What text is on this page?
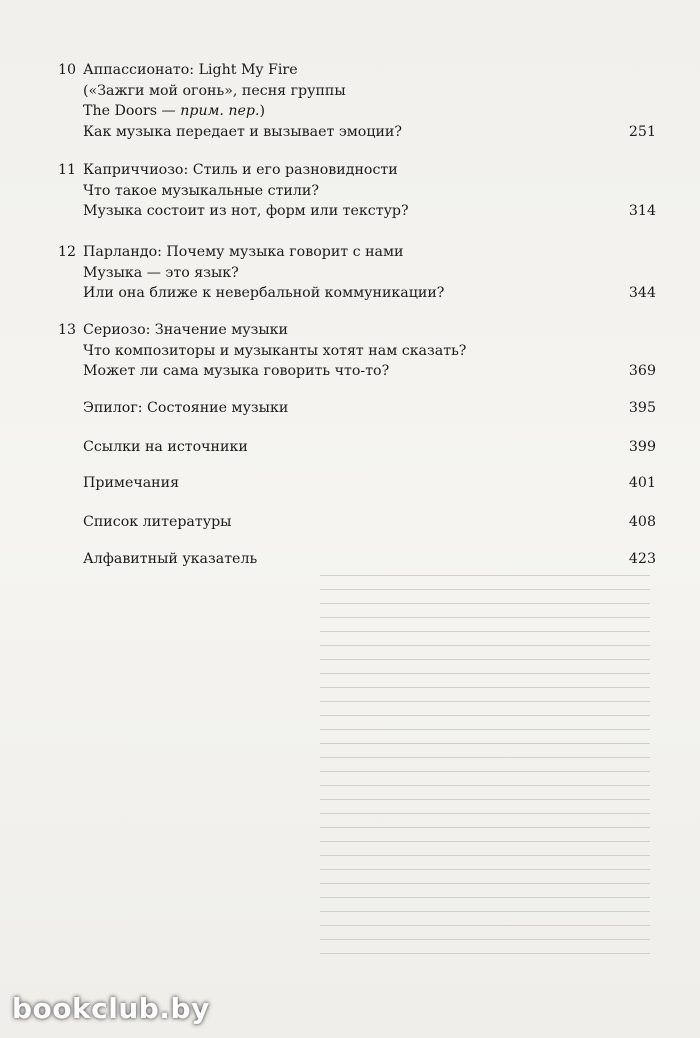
​
10 Аппассионато: Light My Fire
(«Зажги мой огонь», песня группы
The Doors — прим. пер.)
Как музыка передает и вызывает эмоции?	251
11 Каприччиозо: Стиль и его разновидности
Что такое музыкальные стили?
Музыка состоит из нот, форм или текстур?	314
12 Парландо: Почему музыка говорит с нами
Музыка — это язык?
Или она ближе к невербальной коммуникации?	344
13 Сериозо: Значение музыки
Что композиторы и музыканты хотят нам сказать?
Может ли сама музыка говорить что-то?	369
Эпилог: Состояние музыки	395
Ссылки на источники	399
Примечания	401
Список литературы	408
Алфавитный указатель	423
bookclub.by
